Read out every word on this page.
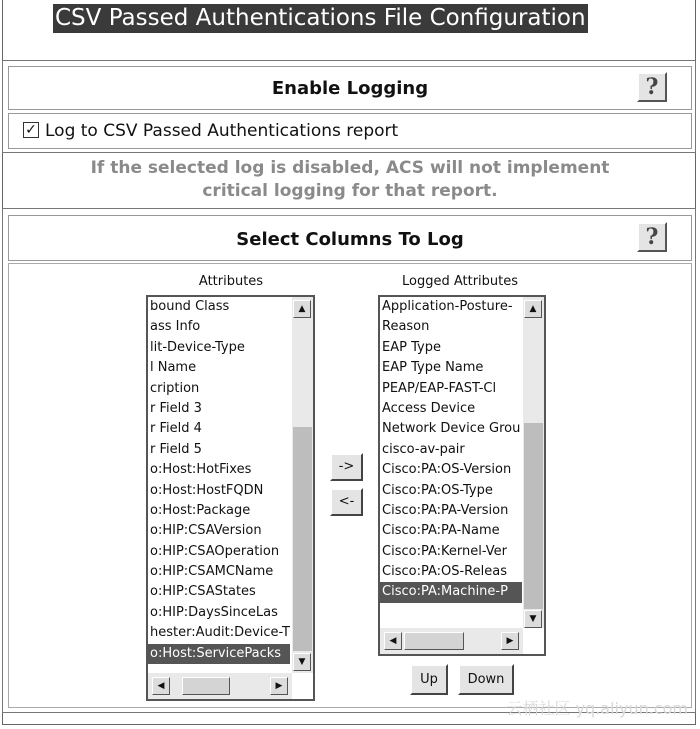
CSV Passed Authentications File Configuration
Enable Logging	?
✓ Log to CSV Passed Authentications report
If the selected log is disabled, ACS will not implement
critical logging for that report.
Select Columns To Log	?
Attributes	Logged Attributes
bound Class
ass Info
lit-Device-Type
l Name
cription
r Field 3
r Field 4
r Field 5
o:Host:HotFixes
o:Host:HostFQDN
o:Host:Package
o:HIP:CSAVersion
o:HIP:CSAOperation
o:HIP:CSAMCName
o:HIP:CSAStates
o:HIP:DaysSinceLas
hester:Audit:Device-T
o:Host:ServicePacks
▲
▼
◀	▶
->
<-
Application-Posture-
Reason
EAP Type
EAP Type Name
PEAP/EAP-FAST-Cl
Access Device
Network Device Grou
cisco-av-pair
Cisco:PA:OS-Version
Cisco:PA:OS-Type
Cisco:PA:PA-Version
Cisco:PA:PA-Name
Cisco:PA:Kernel-Ver
Cisco:PA:OS-Releas
Cisco:PA:Machine-P
▲
▼
◀	▶
Up	Down
云栖社区 yq.aliyun.com
